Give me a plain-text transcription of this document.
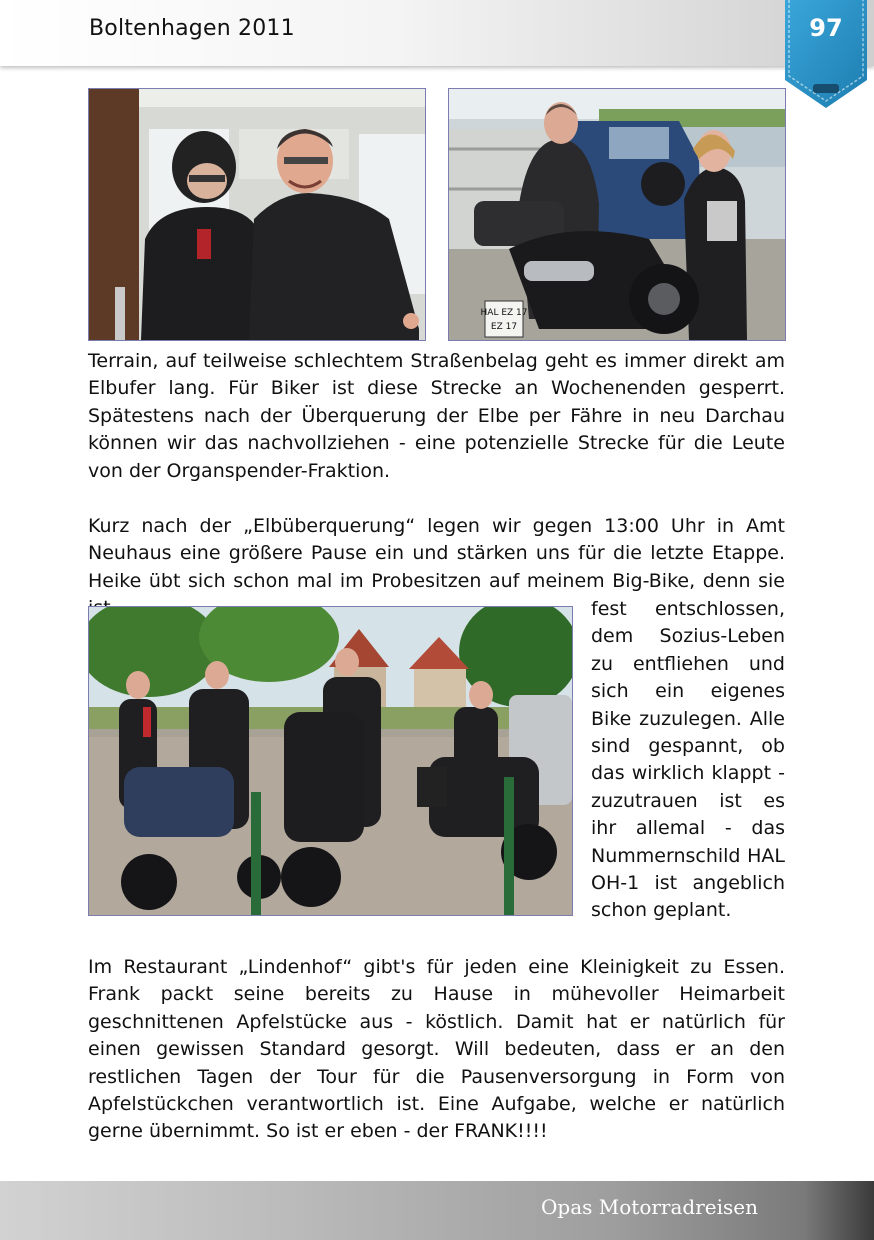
Boltenhagen 2011	97
HAL EZ 17
EZ 17

Terrain, auf teilweise schlechtem Straßenbelag geht es immer direkt am Elbufer lang. Für Biker ist diese Strecke an Wochenenden gesperrt. Spätestens nach der Überquerung der Elbe per Fähre in neu Darchau können wir das nachvollziehen - eine potenzielle Strecke für die Leute von der Organspender-Fraktion.

Kurz nach der „Elbüberquerung“ legen wir gegen 13:00 Uhr in Amt Neuhaus eine größere Pause ein und stärken uns für die letzte Etappe. Heike übt sich schon mal im Probesitzen auf meinem Big-Bike, denn sie

fest entschlossen, dem Sozius-Leben zu entfliehen und sich ein eigenes Bike zuzulegen. Alle sind gespannt, ob das wirklich klappt - zuzutrauen ist es ihr allemal - das Nummernschild HAL OH-1 ist angeblich schon geplant.

Im Restaurant „Lindenhof“ gibt's für jeden eine Kleinigkeit zu Essen. Frank packt seine bereits zu Hause in mühevoller Heimarbeit geschnittenen Apfelstücke aus - köstlich. Damit hat er natürlich für einen gewissen Standard gesorgt. Will bedeuten, dass er an den restlichen Tagen der Tour für die Pausenversorgung in Form von Apfelstückchen verantwortlich ist. Eine Aufgabe, welche er natürlich gerne übernimmt. So ist er eben - der FRANK!!!!

Opas Motorradreisen
